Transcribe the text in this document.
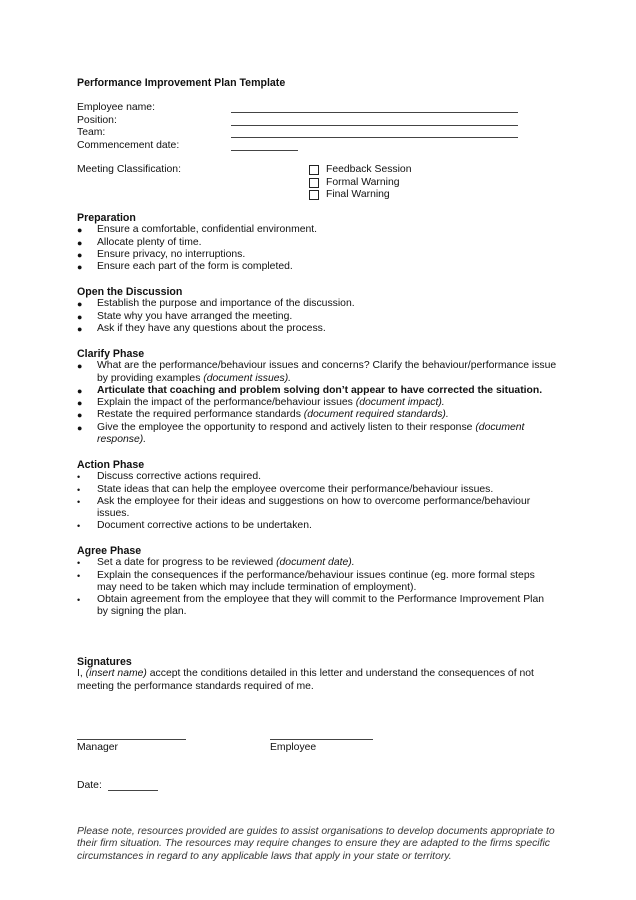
Performance Improvement Plan Template
Employee name:
Position:
Team:
Commencement date:
Meeting Classification:	Feedback Session
Formal Warning
Final Warning
Preparation
●	Ensure a comfortable, confidential environment.
●	Allocate plenty of time.
●	Ensure privacy, no interruptions.
●	Ensure each part of the form is completed.
Open the Discussion
●	Establish the purpose and importance of the discussion.
●	State why you have arranged the meeting.
●	Ask if they have any questions about the process.
Clarify Phase
●	What are the performance/behaviour issues and concerns? Clarify the behaviour/performance issue by providing examples (document issues).
●	Articulate that coaching and problem solving don’t appear to have corrected the situation.
●	Explain the impact of the performance/behaviour issues (document impact).
●	Restate the required performance standards (document required standards).
●	Give the employee the opportunity to respond and actively listen to their response (document response).
Action Phase
•	Discuss corrective actions required.
•	State ideas that can help the employee overcome their performance/behaviour issues.
•	Ask the employee for their ideas and suggestions on how to overcome performance/behaviour issues.
•	Document corrective actions to be undertaken.
Agree Phase
•	Set a date for progress to be reviewed (document date).
•	Explain the consequences if the performance/behaviour issues continue (eg. more formal steps may need to be taken which may include termination of employment).
•	Obtain agreement from the employee that they will commit to the Performance Improvement Plan by signing the plan.
Signatures

I, (insert name) accept the conditions detailed in this letter and understand the consequences of not meeting the performance standards required of me.

Manager	Employee
Date:
Please note, resources provided are guides to assist organisations to develop documents appropriate to their firm situation. The resources may require changes to ensure they are adapted to the firms specific circumstances in regard to any applicable laws that apply in your state or territory.
